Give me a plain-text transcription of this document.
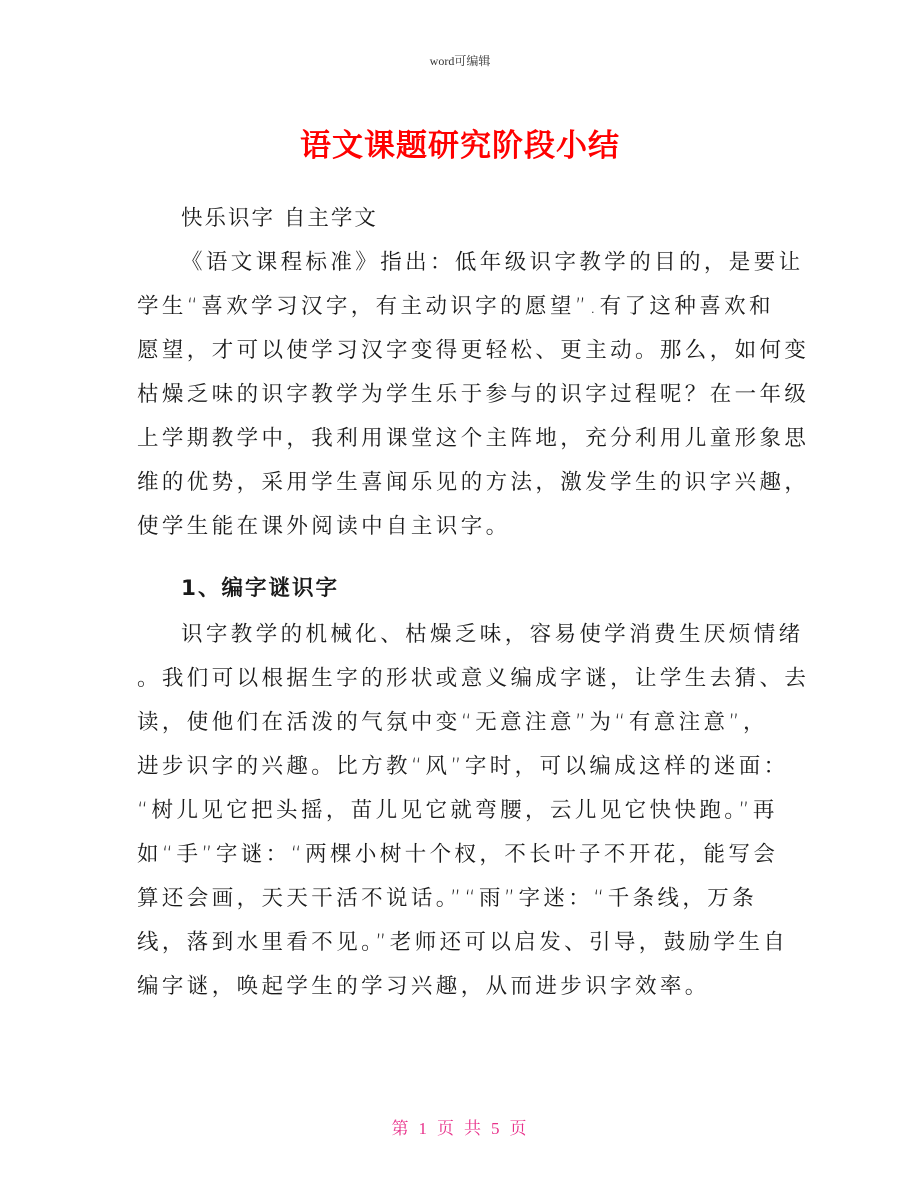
word可编辑
语文课题研究阶段小结
快乐识字 自主学文
《语文课程标准》指出：低年级识字教学的目的，是要让
学生“喜欢学习汉字，有主动识字的愿望”.有了这种喜欢和
愿望，才可以使学习汉字变得更轻松、更主动。那么，如何变
枯燥乏味的识字教学为学生乐于参与的识字过程呢？在一年级
上学期教学中，我利用课堂这个主阵地，充分利用儿童形象思
维的优势，采用学生喜闻乐见的方法，激发学生的识字兴趣，
使学生能在课外阅读中自主识字。
1、编字谜识字
识字教学的机械化、枯燥乏味，容易使学消费生厌烦情绪
。我们可以根据生字的形状或意义编成字谜，让学生去猜、去
读，使他们在活泼的气氛中变“无意注意”为“有意注意”，
进步识字的兴趣。比方教“风”字时，可以编成这样的迷面：
“树儿见它把头摇，苗儿见它就弯腰，云儿见它快快跑。”再
如“手”字谜：“两棵小树十个杈，不长叶子不开花，能写会
算还会画，天天干活不说话。”“雨”字迷：“千条线，万条
线，落到水里看不见。”老师还可以启发、引导，鼓励学生自
编字谜，唤起学生的学习兴趣，从而进步识字效率。
第 1 页 共 5 页
